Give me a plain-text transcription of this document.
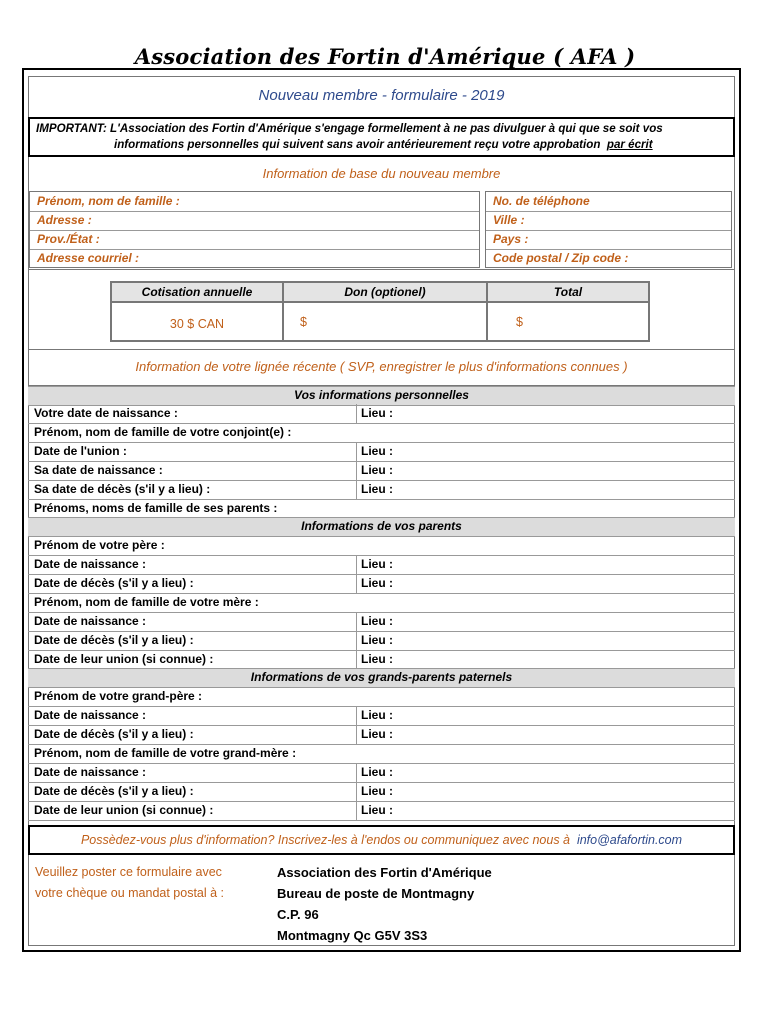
Association des Fortin d'Amérique ( AFA )
Nouveau membre - formulaire - 2019
IMPORTANT: L'Association des Fortin d'Amérique s'engage formellement à ne pas divulguer à qui que se soit vos
informations personnelles qui suivent sans avoir antérieurement reçu votre approbation par écrit
Information de base du nouveau membre
Prénom, nom de famille :
Adresse :
Prov./État :
Adresse courriel :
No. de téléphone
Ville :
Pays :
Code postal / Zip code :
Cotisation annuelle	Don (optionel)	Total
30 $ CAN	$	$
Information de votre lignée récente ( SVP, enregistrer le plus d'informations connues )
Vos informations personnelles
Votre date de naissance :	Lieu :
Prénom, nom de famille de votre conjoint(e) :
Date de l'union :	Lieu :
Sa date de naissance :	Lieu :
Sa date de décès (s'il y a lieu) :	Lieu :
Prénoms, noms de famille de ses parents :
Informations de vos parents
Prénom de votre père :
Date de naissance :	Lieu :
Date de décès (s'il y a lieu) :	Lieu :
Prénom, nom de famille de votre mère :
Date de naissance :	Lieu :
Date de décès (s'il y a lieu) :	Lieu :
Date de leur union (si connue) :	Lieu :
Informations de vos grands-parents paternels
Prénom de votre grand-père :
Date de naissance :	Lieu :
Date de décès (s'il y a lieu) :	Lieu :
Prénom, nom de famille de votre grand-mère :
Date de naissance :	Lieu :
Date de décès (s'il y a lieu) :	Lieu :
Date de leur union (si connue) :	Lieu :
Possèdez-vous plus d'information? Inscrivez-les à l'endos ou communiquez avec nous à info@afafortin.com
Veuillez poster ce formulaire avec
votre chèque ou mandat postal à :
Association des Fortin d'Amérique
Bureau de poste de Montmagny
C.P. 96
Montmagny Qc G5V 3S3
